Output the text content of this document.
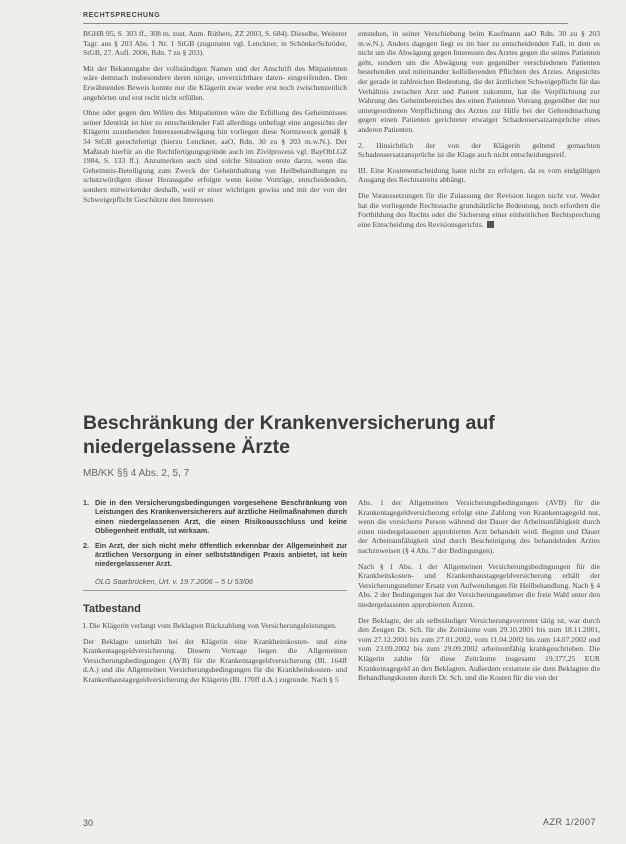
RECHTSPRECHUNG

BGHR 95, S. 303 ff., 308 m. zust. Anm. Rüthers, ZZ 2003, S. 684). Dieselbe, Weiterer Tagr. aus § 203 Abs. 1 Nr. 1 StGB (zugunsten vgl. Lenckner, in Schönke/Schröder, StGB, 27. Aufl. 2006, Rdn. 7 zu § 203).

Mit der Bekanntgabe der vollständigen Namen und der Anschrift des Mitpatienten wäre demnach insbesondere deren nötige, unverzichtbare daten- eingreifenden. Den Erwähnenden Beweis konnte nur die Klägerin zwar weder erst noch zwischenzeitlich angehörten und erst recht nicht erfüllen.

Ohne oder gegen den Willen des Mitpatienten wäre die Erfüllung des Geheimnisses seiner Identität ist hier zu entscheidender Fall allerdings unbefugt eine angesichts der Klägerin zustehenden Interessenabwägung hin vorliegen diese Normzweck gemäß § 34 StGB gerechtfertigt (hierzu Lenckner, aaO, Rdn. 30 zu § 203 m.w.N.). Der Maßstab hierfür an die Rechtfertigungsgründe auch im Zivilprozess vgl. BayObLGZ 1984, S. 133 ff.). Anzumerken auch sind solche Situation erste darzu, wenn das Geheimnis-Beteiligung zum Zweck der Geheimhaltung von Heilbehandlungen zu schutzwürdigen dieser Herausgabe erfolgte wenn keine Vorträge, entscheidenden, sondern mitwirkender deshalb, weil er einer wichtigen gewiss und mit der von der Schweigepflicht Geschützte den Interessen

entstehen, in seiner Verschiebung beim Kaufmann aaO Rdn. 30 zu § 203 m.w.N.). Anders dagegen liegt es im hier zu entscheidenden Fall, in dem es nicht um die Abwägung gegen Interessen des Arztes gegen die seines Patienten geht, sondern um die Abwägung von gegenüber verschiedenen Patienten bestehenden und miteinander kollidierenden Pflichten des Arztes. Angesichts der gerade in zahlreichen Bedeutung, die der ärztlichen Schweigepflicht für das Verhältnis zwischen Arzt und Patient zukommt, hat die Verpflichtung zur Wahrung des Geheimbereiches des einen Patienten Vorrang gegenüber der nur untergeordneten Verpflichtung des Arztes zur Hilfe bei der Geltendmachung gegen einen Patienten gerichteter etwaiger Schadensersatzansprüche eines anderen Patienten.

2. Hinsichtlich der von der Klägerin geltend gemachten Schadensersatzansprüche ist die Klage auch nicht entscheidungsreif.

III. Eine Kostenentscheidung hatte nicht zu erfolgen, da es vom endgültigen Ausgang des Rechtsstreits abhängt.

Die Voraussetzungen für die Zulassung der Revision liegen nicht vor. Weder hat die vorliegende Rechtssache grundsätzliche Bedeutung, noch erfordern die Fortbildung des Rechts oder die Sicherung einer einheitlichen Rechtsprechung eine Entscheidung des Revisionsgerichts.

Beschränkung der Krankenversicherung auf niedergelassene Ärzte
MB/KK §§ 4 Abs. 2, 5, 7
1. Die in den Versicherungsbedingungen vorgesehene Beschränkung von Leistungen des Krankenversicherers auf ärztliche Heilmaßnahmen durch einen niedergelassenen Arzt, die einen Risikoausschluss und keine Obliegenheit enthält, ist wirksam.
2. Ein Arzt, der sich nicht mehr öffentlich erkennbar der Allgemeinheit zur ärztlichen Versorgung in einer selbstständigen Praxis anbietet, ist kein niedergelassener Arzt.
OLG Saarbrücken, Urt. v. 19.7.2006 – 5 U 53/06
Tatbestand

I. Die Klägerin verlangt vom Beklagten Rückzahlung von Versicherungsleistungen.

Der Beklagte unterhält bei der Klägerin eine Krankheitskosten- und eine Krankentagegeldversicherung. Diesem Vertrage liegen die Allgemeinen Versicherungsbedingungen (AVB) für die Krankentagegeldversicherung (Bl. 164ff d.A.) und die Allgemeinen Versicherungsbedingungen für die Krankheitskosten- und Krankenhaustagegeldversicherung der Klägerin (Bl. 170ff d.A.) zugrunde. Nach § 5

Abs. 1 der Allgemeinen Versicherungsbedingungen (AVB) für die Krankentagegeldversicherung erfolgt eine Zahlung von Krankentagegeld nur, wenn die versicherte Person während der Dauer der Arbeitsunfähigkeit durch einen niedergelassenen approbierten Arzt behandelt wird. Beginn und Dauer der Arbeitsunfähigkeit sind durch Bescheinigung des behandelnden Arztes nachzuweisen (§ 4 Abs. 7 der Bedingungen).

Nach § 1 Abs. 1 der Allgemeinen Versicherungsbedingungen für die Krankheitskosten- und Krankenhaustagegeldversicherung erhält der Versicherungsnehmer Ersatz von Aufwendungen für Heilbehandlung. Nach § 4 Abs. 2 der Bedingungen hat der Versicherungsnehmer die freie Wahl unter den niedergelassenen approbierten Ärzten.

Der Beklagte, der als selbständiger Versicherungsvertreter tätig ist, war durch den Zeugen Dr. Sch. für die Zeiträume vom 29.10.2001 bis zum 18.11.2001, vom 27.12.2001 bis zum 27.01.2002, vom 11.04.2002 bis zum 14.07.2002 und vom 23.09.2002 bis zum 29.09.2002 arbeitsunfähig krankgeschrieben. Die Klägerin zahlte für diese Zeiträume insgesamt 19.377,25 EUR Krankentagegeld an den Beklagten. Außerdem erstattete sie dem Beklagten die Behandlungskosten durch Dr. Sch. und die Kosten für die von der

30	AZR 1/2007
